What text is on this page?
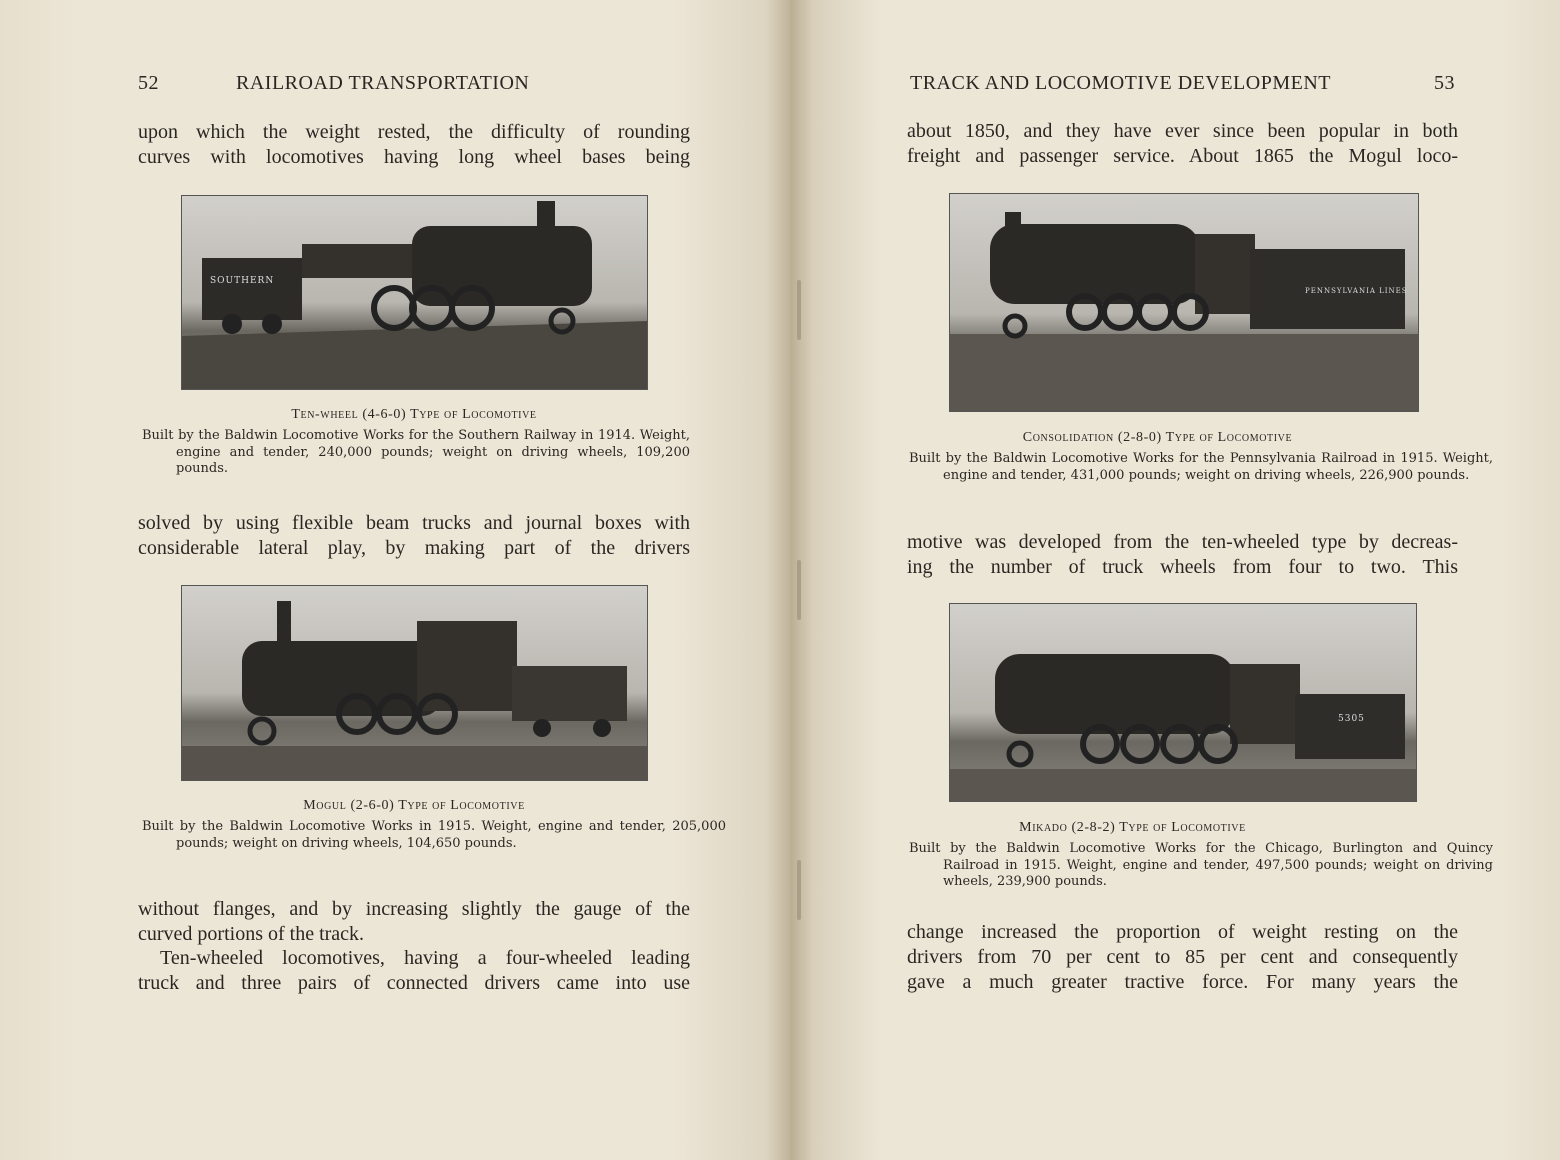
52	RAILROAD TRANSPORTATION
upon which the weight rested, the difficulty of rounding
curves with locomotives having long wheel bases being
SOUTHERN
Ten-wheel (4-6-0) Type of Locomotive
Built by the Baldwin Locomotive Works for the Southern Railway in 1914. Weight, engine and tender, 240,000 pounds; weight on driving wheels, 109,200 pounds.
solved by using flexible beam trucks and journal boxes with
considerable lateral play, by making part of the drivers
Mogul (2-6-0) Type of Locomotive
Built by the Baldwin Locomotive Works in 1915. Weight, engine and tender, 205,000 pounds; weight on driving wheels, 104,650 pounds.
without flanges, and by increasing slightly the gauge of the
curved portions of the track.
Ten-wheeled locomotives, having a four-wheeled leading
truck and three pairs of connected drivers came into use
TRACK AND LOCOMOTIVE DEVELOPMENT	53
about 1850, and they have ever since been popular in both
freight and passenger service. About 1865 the Mogul loco-
PENNSYLVANIA LINES
Consolidation (2-8-0) Type of Locomotive
Built by the Baldwin Locomotive Works for the Pennsylvania Railroad in 1915. Weight, engine and tender, 431,000 pounds; weight on driving wheels, 226,900 pounds.
motive was developed from the ten-wheeled type by decreas-
ing the number of truck wheels from four to two. This
5305
Mikado (2-8-2) Type of Locomotive
Built by the Baldwin Locomotive Works for the Chicago, Burlington and Quincy Railroad in 1915. Weight, engine and tender, 497,500 pounds; weight on driving wheels, 239,900 pounds.
change increased the proportion of weight resting on the
drivers from 70 per cent to 85 per cent and consequently
gave a much greater tractive force. For many years the
